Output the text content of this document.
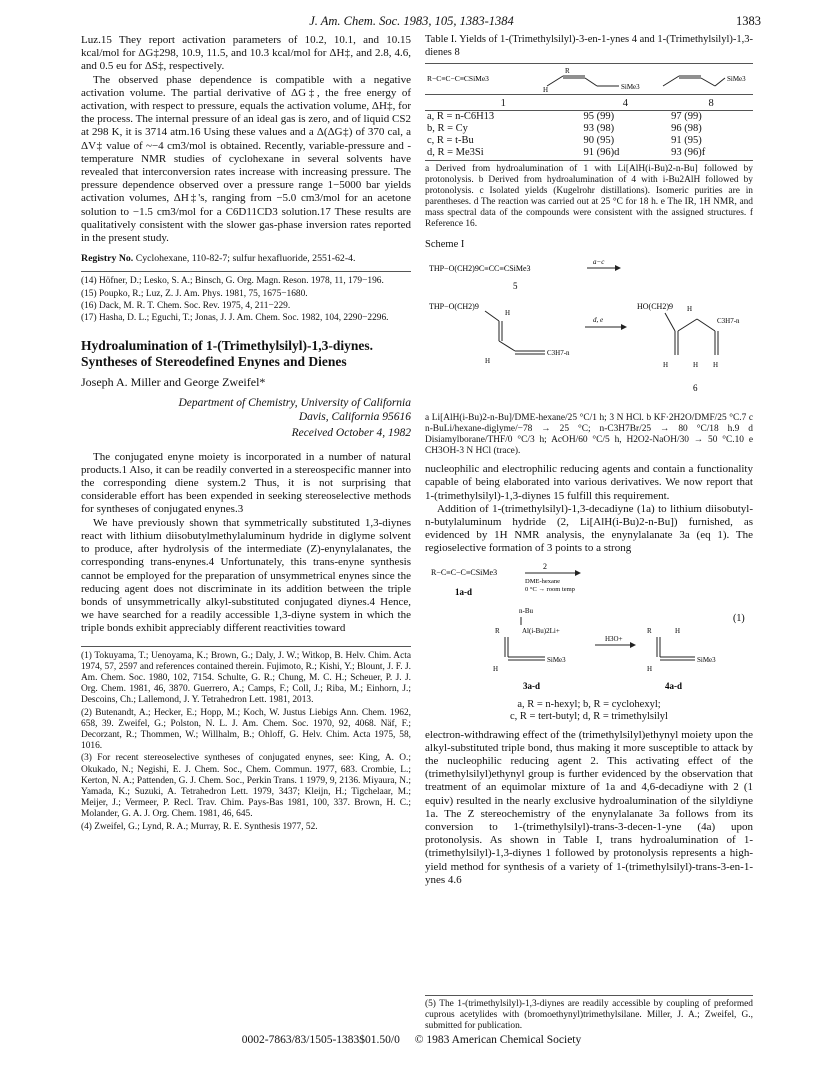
J. Am. Chem. Soc. 1983, 105, 1383-1384	1383

Luz.15 They report activation parameters of 10.2, 10.1, and 10.15 kcal/mol for ΔG‡298, 10.9, 11.5, and 10.3 kcal/mol for ΔH‡, and 2.8, 4.6, and 0.5 eu for ΔS‡, respectively.

The observed phase dependence is compatible with a negative activation volume. The partial derivative of ΔG‡, the free energy of activation, with respect to pressure, equals the activation volume, ΔH‡, for the process. The internal pressure of an ideal gas is zero, and of liquid CS2 at 298 K, it is 3714 atm.16 Using these values and a Δ(ΔG‡) of 370 cal, a ΔV‡ value of ~−4 cm3/mol is obtained. Recently, variable-pressure and -temperature NMR studies of cyclohexane in several solvents have revealed that interconversion rates increase with increasing pressure. The pressure dependence observed over a pressure range 1−5000 bar yields activation volumes, ΔH‡'s, ranging from −5.0 cm3/mol for an acetone solution to −1.5 cm3/mol for a C6D11CD3 solution.17 These results are qualitatively consistent with the slower gas-phase inversion rates reported in the present study.

Registry No. Cyclohexane, 110-82-7; sulfur hexafluoride, 2551-62-4.

(14) Höfner, D.; Lesko, S. A.; Binsch, G. Org. Magn. Reson. 1978, 11, 179−196.

(15) Poupko, R.; Luz, Z. J. Am. Phys. 1981, 75, 1675−1680.

(16) Dack, M. R. T. Chem. Soc. Rev. 1975, 4, 211−229.

(17) Hasha, D. L.; Eguchi, T.; Jonas, J. J. Am. Chem. Soc. 1982, 104, 2290−2296.

Hydroalumination of 1-(Trimethylsilyl)-1,3-diynes. Syntheses of Stereodefined Enynes and Dienes
Joseph A. Miller and George Zweifel*
Department of Chemistry, University of California
Davis, California 95616
Received October 4, 1982

The conjugated enyne moiety is incorporated in a number of natural products.1 Also, it can be readily converted in a stereospecific manner into the corresponding diene system.2 Thus, it is not surprising that considerable effort has been expended in seeking stereoselective methods for syntheses of conjugated enynes.3

We have previously shown that symmetrically substituted 1,3-diynes react with lithium diisobutylmethylaluminum hydride in diglyme solvent to produce, after hydrolysis of the intermediate (Z)-enynylalanates, the corresponding trans-enynes.4 Unfortunately, this trans-enyne synthesis cannot be employed for the preparation of unsymmetrical enynes since the reducing agent does not discriminate in its addition between the triple bonds of unsymmetrically alkyl-substituted conjugated diynes.4 Hence, we have searched for a readily accessible 1,3-diyne system in which the triple bonds exhibit appreciably different reactivities toward

(1) Tokuyama, T.; Uenoyama, K.; Brown, G.; Daly, J. W.; Witkop, B. Helv. Chim. Acta 1974, 57, 2597 and references contained therein. Fujimoto, R.; Kishi, Y.; Blount, J. F. J. Am. Chem. Soc. 1980, 102, 7154. Schulte, G. R.; Chung, M. C. H.; Scheuer, P. J. J. Org. Chem. 1981, 46, 3870. Guerrero, A.; Camps, F.; Coll, J.; Riba, M.; Einhorn, J.; Descoins, Ch.; Lallemond, J. Y. Tetrahedron Lett. 1981, 2013.

(2) Butenandt, A.; Hecker, E.; Hopp, M.; Koch, W. Justus Liebigs Ann. Chem. 1962, 658, 39. Zweifel, G.; Polston, N. L. J. Am. Chem. Soc. 1970, 92, 4068. Näf, F.; Decorzant, R.; Thommen, W.; Willhalm, B.; Ohloff, G. Helv. Chim. Acta 1975, 58, 1016.

(3) For recent stereoselective syntheses of conjugated enynes, see: King, A. O.; Okukado, N.; Negishi, E. J. Chem. Soc., Chem. Commun. 1977, 683. Crombie, L.; Kerton, N. A.; Pattenden, G. J. Chem. Soc., Perkin Trans. 1 1979, 9, 2136. Miyaura, N.; Yamada, K.; Suzuki, A. Tetrahedron Lett. 1979, 3437; Kleijn, H.; Tigchelaar, M.; Meijer, J.; Vermeer, P. Recl. Trav. Chim. Pays-Bas 1981, 100, 337. Brown, H. C.; Molander, G. A. J. Org. Chem. 1981, 46, 645.

(4) Zweifel, G.; Lynd, R. A.; Murray, R. E. Synthesis 1977, 52.

Table I. Yields of 1-(Trimethylsilyl)-3-en-1-ynes 4 and 1-(Trimethylsilyl)-1,3-dienes 8
R−C≡C−C≡CSiMe3
H
R
SiMe3
SiMe3
1	4	8
a, R = n-C6H13	95 (99)	97 (99)
b, R = Cy	93 (98)	96 (98)
c, R = t-Bu	90 (95)	91 (95)
d, R = Me3Si	91 (96)d	93 (96)f
a Derived from hydroalumination of 1 with Li[AlH(i-Bu)2-n-Bu] followed by protonolysis. b Derived from hydroalumination of 4 with i-Bu2AlH followed by protonolysis. c Isolated yields (Kugelrohr distillations). Isomeric purities are in parentheses. d The reaction was carried out at 25 °C for 18 h. e The IR, 1H NMR, and mass spectral data of the compounds were consistent with the assigned structures. f Reference 16.
Scheme I
THP−O(CH2)9C≡CC≡CSiMe3
a−c
5
THP−O(CH2)9
C3H7-n
H
H
d, e
HO(CH2)9
C3H7-n
H
H	H H
6
a Li[AlH(i-Bu)2-n-Bu]/DME-hexane/25 °C/1 h; 3 N HCl. b KF·2H2O/DMF/25 °C.7 c n-BuLi/hexane-diglyme/−78 → 25 °C; n-C3H7Br/25 → 80 °C/18 h.9 d Disiamylborane/THF/0 °C/3 h; AcOH/60 °C/5 h, H2O2-NaOH/30 → 50 °C.10 e CH3OH-3 N HCl (trace).

nucleophilic and electrophilic reducing agents and contain a functionality capable of being elaborated into various derivatives. We now report that 1-(trimethylsilyl)-1,3-diynes 15 fulfill this requirement.

Addition of 1-(trimethylsilyl)-1,3-decadiyne (1a) to lithium diisobutyl-n-butylaluminum hydride (2, Li[AlH(i-Bu)2-n-Bu]) furnished, as evidenced by 1H NMR analysis, the enynylalanate 3a (eq 1). The regioselective formation of 3 points to a strong

R−C≡C−C≡CSiMe3
2
DME-hexane
0 °C → room temp
1a-d
n-Bu
R	Al(i-Bu)2Li+
SiMe3
H
H3O+
R	H
SiMe3
H
(1)
3a-d	4a-d
a, R = n-hexyl; b, R = cyclohexyl;
c, R = tert-butyl; d, R = trimethylsilyl

electron-withdrawing effect of the (trimethylsilyl)ethynyl moiety upon the alkyl-substituted triple bond, thus making it more susceptible to attack by the nucleophilic reducing agent 2. This activating effect of the (trimethylsilyl)ethynyl group is further evidenced by the observation that treatment of an equimolar mixture of 1a and 4,6-decadiyne with 2 (1 equiv) resulted in the nearly exclusive hydroalumination of the silyldiyne 1a. The Z stereochemistry of the enynylalanate 3a follows from its conversion to 1-(trimethylsilyl)-trans-3-decen-1-yne (4a) upon protonolysis. As shown in Table I, trans hydroalumination of 1-(trimethylsilyl)-1,3-diynes 1 followed by protonolysis represents a high-yield method for synthesis of a variety of 1-(trimethylsilyl)-trans-3-en-1-ynes 4.6

(5) The 1-(trimethylsilyl)-1,3-diynes are readily accessible by coupling of preformed cuprous acetylides with (bromoethynyl)trimethylsilane. Miller, J. A.; Zweifel, G., submitted for publication.
0002-7863/83/1505-1383$01.50/0 © 1983 American Chemical Society
